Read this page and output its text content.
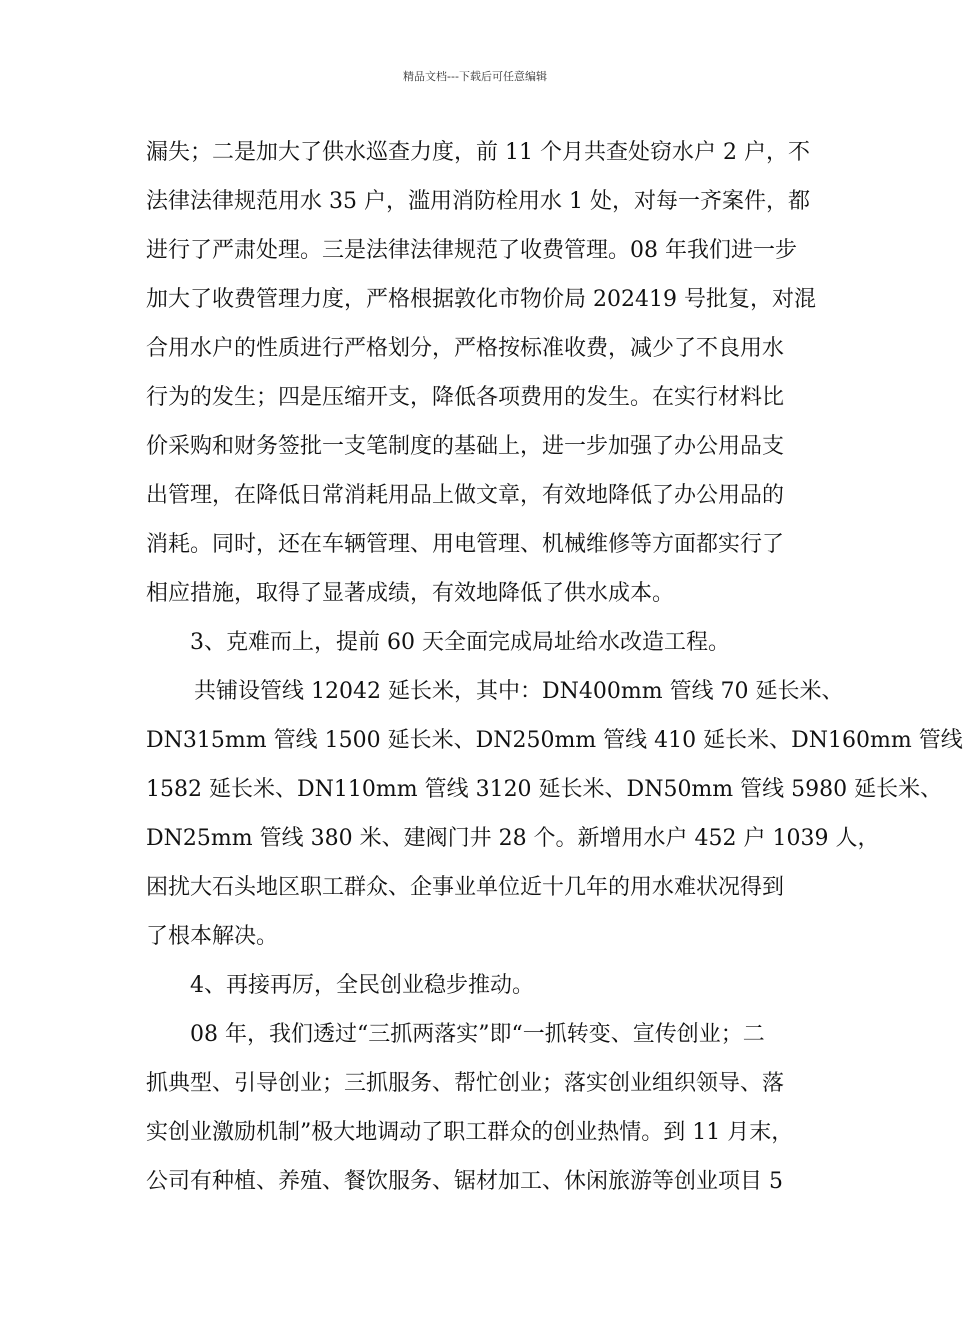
精品文档---下载后可任意编辑
漏失；二是加大了供水巡查力度，前 11 个月共查处窃水户 2 户，不
法律法律规范用水 35 户，滥用消防栓用水 1 处，对每一齐案件，都
进行了严肃处理。三是法律法律规范了收费管理。08 年我们进一步
加大了收费管理力度，严格根据敦化市物价局 202419 号批复，对混
合用水户的性质进行严格划分，严格按标准收费，减少了不良用水
行为的发生；四是压缩开支，降低各项费用的发生。在实行材料比
价采购和财务签批一支笔制度的基础上，进一步加强了办公用品支
出管理，在降低日常消耗用品上做文章，有效地降低了办公用品的
消耗。同时，还在车辆管理、用电管理、机械维修等方面都实行了
相应措施，取得了显著成绩，有效地降低了供水成本。
3、克难而上，提前 60 天全面完成局址给水改造工程。
共铺设管线 12042 延长米，其中：DN400mm 管线 70 延长米、
DN315mm 管线 1500 延长米、DN250mm 管线 410 延长米、DN160mm 管线
1582 延长米、DN110mm 管线 3120 延长米、DN50mm 管线 5980 延长米、
DN25mm 管线 380 米、建阀门井 28 个。新增用水户 452 户 1039 人，
困扰大石头地区职工群众、企事业单位近十几年的用水难状况得到
了根本解决。
4、再接再厉，全民创业稳步推动。
08 年，我们透过“三抓两落实”即“一抓转变、宣传创业；二
抓典型、引导创业；三抓服务、帮忙创业；落实创业组织领导、落
实创业激励机制”极大地调动了职工群众的创业热情。到 11 月末，
公司有种植、养殖、餐饮服务、锯材加工、休闲旅游等创业项目 5
